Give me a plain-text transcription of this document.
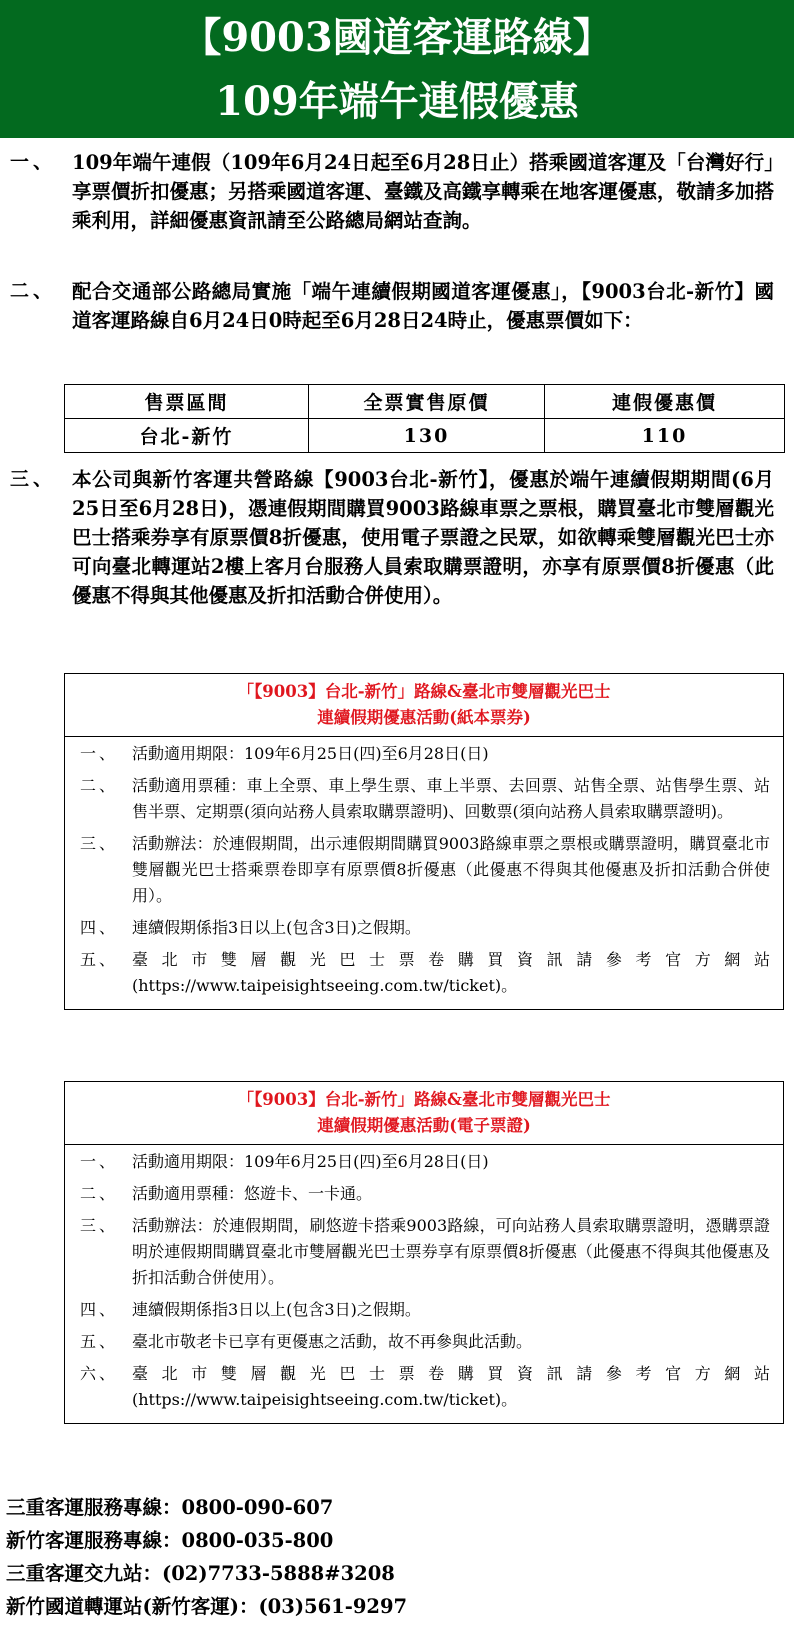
【9003國道客運路線】
109年端午連假優惠
一、 109年端午連假（109年6月24日起至6月28日止）搭乘國道客運及「台灣好行」享票價折扣優惠；另搭乘國道客運、臺鐵及高鐵享轉乘在地客運優惠，敬請多加搭乘利用，詳細優惠資訊請至公路總局網站查詢。
二、 配合交通部公路總局實施「端午連續假期國道客運優惠」，【9003台北-新竹】國道客運路線自6月24日0時起至6月28日24時止，優惠票價如下：
售票區間	全票實售原價	連假優惠價
台北-新竹	130	110
三、 本公司與新竹客運共營路線【9003台北-新竹】，優惠於端午連續假期期間(6月25日至6月28日)，憑連假期間購買9003路線車票之票根，購買臺北市雙層觀光巴士搭乘券享有原票價8折優惠，使用電子票證之民眾，如欲轉乘雙層觀光巴士亦可向臺北轉運站2樓上客月台服務人員索取購票證明，亦享有原票價8折優惠（此優惠不得與其他優惠及折扣活動合併使用）。
「【9003】台北-新竹」路線&臺北市雙層觀光巴士
連續假期優惠活動(紙本票券)
一、 活動適用期限：109年6月25日(四)至6月28日(日)
二、 活動適用票種：車上全票、車上學生票、車上半票、去回票、站售全票、站售學生票、站售半票、定期票(須向站務人員索取購票證明)、回數票(須向站務人員索取購票證明)。
三、 活動辦法：於連假期間，出示連假期間購買9003路線車票之票根或購票證明，購買臺北市雙層觀光巴士搭乘票卷即享有原票價8折優惠（此優惠不得與其他優惠及折扣活動合併使用）。
四、 連續假期係指3日以上(包含3日)之假期。
五、 臺北市雙層觀光巴士票卷購買資訊請參考官方網站(https://www.taipeisightseeing.com.tw/ticket)。
「【9003】台北-新竹」路線&臺北市雙層觀光巴士
連續假期優惠活動(電子票證)
一、 活動適用期限：109年6月25日(四)至6月28日(日)
二、 活動適用票種：悠遊卡、一卡通。
三、 活動辦法：於連假期間，刷悠遊卡搭乘9003路線，可向站務人員索取購票證明，憑購票證明於連假期間購買臺北市雙層觀光巴士票券享有原票價8折優惠（此優惠不得與其他優惠及折扣活動合併使用）。
四、 連續假期係指3日以上(包含3日)之假期。
五、 臺北市敬老卡已享有更優惠之活動，故不再參與此活動。
六、 臺北市雙層觀光巴士票卷購買資訊請參考官方網站(https://www.taipeisightseeing.com.tw/ticket)。
三重客運服務專線：0800-090-607
新竹客運服務專線：0800-035-800
三重客運交九站：(02)7733-5888#3208
新竹國道轉運站(新竹客運)：(03)561-9297
